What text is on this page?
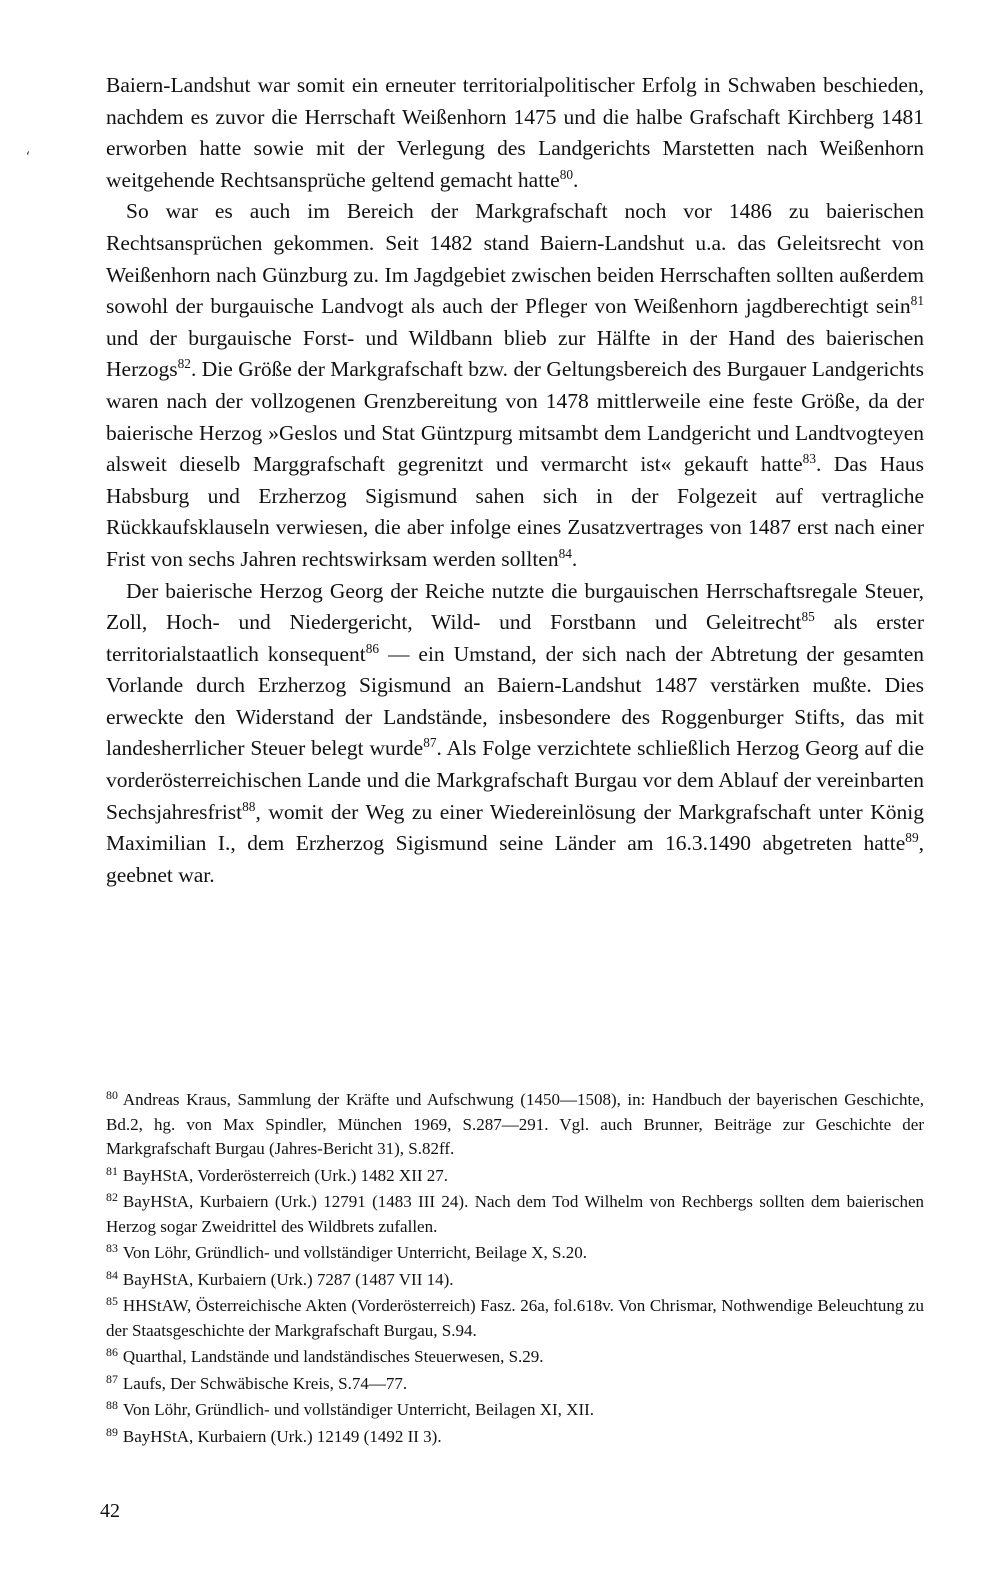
ʻ

Baiern-Landshut war somit ein erneuter territorialpolitischer Erfolg in Schwaben beschieden, nachdem es zuvor die Herrschaft Weißenhorn 1475 und die halbe Grafschaft Kirchberg 1481 erworben hatte sowie mit der Verlegung des Landgerichts Marstetten nach Weißenhorn weitgehende Rechtsansprüche geltend gemacht hatte$^{80}$.

So war es auch im Bereich der Markgrafschaft noch vor 1486 zu baierischen Rechtsansprüchen gekommen. Seit 1482 stand Baiern-Landshut u.a. das Geleitsrecht von Weißenhorn nach Günzburg zu. Im Jagdgebiet zwischen beiden Herrschaften sollten außerdem sowohl der burgauische Landvogt als auch der Pfleger von Weißenhorn jagdberechtigt sein$^{81}$ und der burgauische Forst- und Wildbann blieb zur Hälfte in der Hand des baierischen Herzogs$^{82}$. Die Größe der Markgrafschaft bzw. der Geltungsbereich des Burgauer Landgerichts waren nach der vollzogenen Grenzbereitung von 1478 mittlerweile eine feste Größe, da der baierische Herzog »Geslos und Stat Güntzpurg mitsambt dem Landgericht und Landtvogteyen alsweit dieselb Marggrafschaft gegrenitzt und vermarcht ist« gekauft hatte$^{83}$. Das Haus Habsburg und Erzherzog Sigismund sahen sich in der Folgezeit auf vertragliche Rückkaufsklauseln verwiesen, die aber infolge eines Zusatzvertrages von 1487 erst nach einer Frist von sechs Jahren rechtswirksam werden sollten$^{84}$.

Der baierische Herzog Georg der Reiche nutzte die burgauischen Herrschaftsregale Steuer, Zoll, Hoch- und Niedergericht, Wild- und Forstbann und Geleitrecht$^{85}$ als erster territorialstaatlich konsequent$^{86}$ — ein Umstand, der sich nach der Abtretung der gesamten Vorlande durch Erzherzog Sigismund an Baiern-Landshut 1487 verstärken mußte. Dies erweckte den Widerstand der Landstände, insbesondere des Roggenburger Stifts, das mit landesherrlicher Steuer belegt wurde$^{87}$. Als Folge verzichtete schließlich Herzog Georg auf die vorderösterreichischen Lande und die Markgrafschaft Burgau vor dem Ablauf der vereinbarten Sechsjahresfrist$^{88}$, womit der Weg zu einer Wiedereinlösung der Markgrafschaft unter König Maximilian I., dem Erzherzog Sigismund seine Länder am 16.3.1490 abgetreten hatte$^{89}$, geebnet war.

$^{80}$ Andreas Kraus, Sammlung der Kräfte und Aufschwung (1450—1508), in: Handbuch der bayerischen Geschichte, Bd.2, hg. von Max Spindler, München 1969, S.287—291. Vgl. auch Brunner, Beiträge zur Geschichte der Markgrafschaft Burgau (Jahres-Bericht 31), S.82ff.

$^{81}$ BayHStA, Vorderösterreich (Urk.) 1482 XII 27.

$^{82}$ BayHStA, Kurbaiern (Urk.) 12791 (1483 III 24). Nach dem Tod Wilhelm von Rechbergs sollten dem baierischen Herzog sogar Zweidrittel des Wildbrets zufallen.

$^{83}$ Von Löhr, Gründlich- und vollständiger Unterricht, Beilage X, S.20.

$^{84}$ BayHStA, Kurbaiern (Urk.) 7287 (1487 VII 14).

$^{85}$ HHStAW, Österreichische Akten (Vorderösterreich) Fasz. 26a, fol.618v. Von Chrismar, Nothwendige Beleuchtung zu der Staatsgeschichte der Markgrafschaft Burgau, S.94.

$^{86}$ Quarthal, Landstände und landständisches Steuerwesen, S.29.

$^{87}$ Laufs, Der Schwäbische Kreis, S.74—77.

$^{88}$ Von Löhr, Gründlich- und vollständiger Unterricht, Beilagen XI, XII.

$^{89}$ BayHStA, Kurbaiern (Urk.) 12149 (1492 II 3).

42
